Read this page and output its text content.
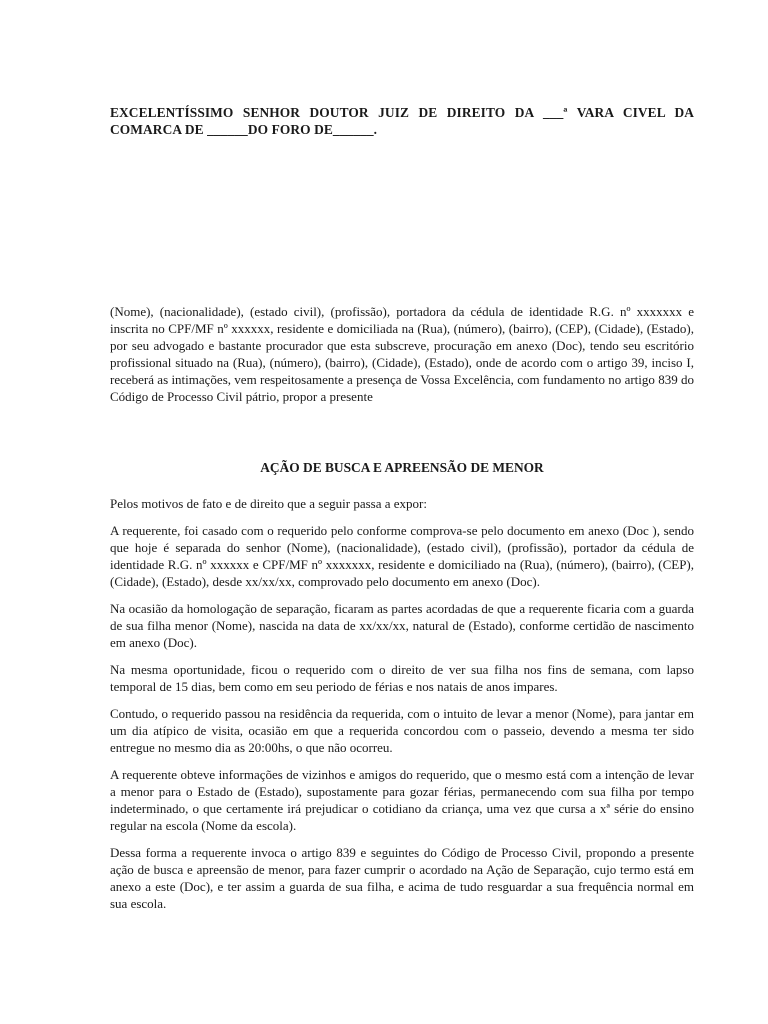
EXCELENTÍSSIMO SENHOR DOUTOR JUIZ DE DIREITO DA ___ª VARA CIVEL DA COMARCA DE ______DO FORO DE______.
(Nome), (nacionalidade), (estado civil), (profissão), portadora da cédula de identidade R.G. nº xxxxxxx e inscrita no CPF/MF nº xxxxxx, residente e domiciliada na (Rua), (número), (bairro), (CEP), (Cidade), (Estado), por seu advogado e bastante procurador que esta subscreve, procuração em anexo (Doc), tendo seu escritório profissional situado na (Rua), (número), (bairro), (Cidade), (Estado), onde de acordo com o artigo 39, inciso I, receberá as intimações, vem respeitosamente a presença de Vossa Excelência, com fundamento no artigo 839 do Código de Processo Civil pátrio, propor a presente
AÇÃO DE BUSCA E APREENSÃO DE MENOR

Pelos motivos de fato e de direito que a seguir passa a expor:

A requerente, foi casado com o requerido pelo conforme comprova-se pelo documento em anexo (Doc ), sendo que hoje é separada do senhor (Nome), (nacionalidade), (estado civil), (profissão), portador da cédula de identidade R.G. nº xxxxxx e CPF/MF nº xxxxxxx, residente e domiciliado na (Rua), (número), (bairro), (CEP), (Cidade), (Estado), desde xx/xx/xx, comprovado pelo documento em anexo (Doc).

Na ocasião da homologação de separação, ficaram as partes acordadas de que a requerente ficaria com a guarda de sua filha menor (Nome), nascida na data de xx/xx/xx, natural de (Estado), conforme certidão de nascimento em anexo (Doc).

Na mesma oportunidade, ficou o requerido com o direito de ver sua filha nos fins de semana, com lapso temporal de 15 dias, bem como em seu periodo de férias e nos natais de anos impares.

Contudo, o requerido passou na residência da requerida, com o intuito de levar a menor (Nome), para jantar em um dia atípico de visita, ocasião em que a requerida concordou com o passeio, devendo a mesma ter sido entregue no mesmo dia as 20:00hs, o que não ocorreu.

A requerente obteve informações de vizinhos e amigos do requerido, que o mesmo está com a intenção de levar a menor para o Estado de (Estado), supostamente para gozar férias, permanecendo com sua filha por tempo indeterminado, o que certamente irá prejudicar o cotidiano da criança, uma vez que cursa a xª série do ensino regular na escola (Nome da escola).

Dessa forma a requerente invoca o artigo 839 e seguintes do Código de Processo Civil, propondo a presente ação de busca e apreensão de menor, para fazer cumprir o acordado na Ação de Separação, cujo termo está em anexo a este (Doc), e ter assim a guarda de sua filha, e acima de tudo resguardar a sua frequência normal em sua escola.
